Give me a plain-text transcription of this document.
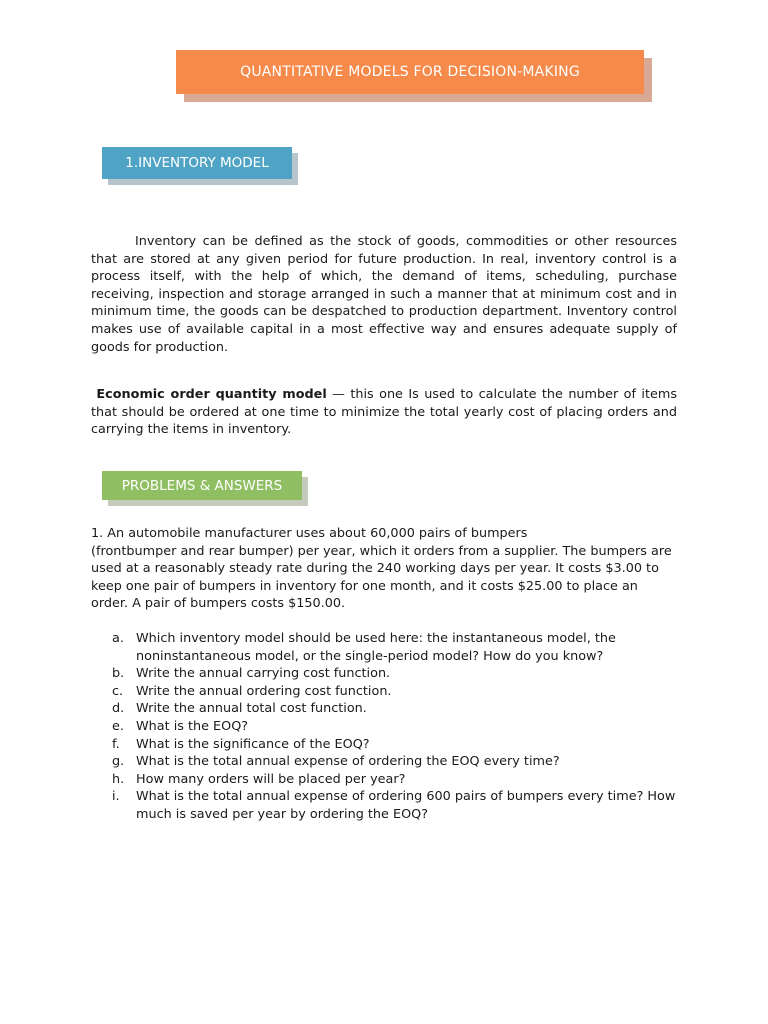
QUANTITATIVE MODELS FOR DECISION-MAKING
1.INVENTORY MODEL

Inventory can be defined as the stock of goods, commodities or other resources that are stored at any given period for future production. In real, inventory control is a process itself, with the help of which, the demand of items, scheduling, purchase receiving, inspection and storage arranged in such a manner that at minimum cost and in minimum time, the goods can be despatched to production department. Inventory control makes use of available capital in a most effective way and ensures adequate supply of goods for production.

Economic order quantity model — this one Is used to calculate the number of items that should be ordered at one time to minimize the total yearly cost of placing orders and carrying the items in inventory.

PROBLEMS & ANSWERS

1. An automobile manufacturer uses about 60,000 pairs of bumpers
(frontbumper and rear bumper) per year, which it orders from a supplier. The bumpers are used at a reasonably steady rate during the 240 working days per year. It costs $3.00 to keep one pair of bumpers in inventory for one month, and it costs $25.00 to place an order. A pair of bumpers costs $150.00.

a. Which inventory model should be used here: the instantaneous model, the noninstantaneous model, or the single-period model? How do you know?
b. Write the annual carrying cost function.
c.	Write the annual ordering cost function.
d. Write the annual total cost function.
e. What is the EOQ?
f.	What is the significance of the EOQ?
g. What is the total annual expense of ordering the EOQ every time?
h. How many orders will be placed per year?
i.	What is the total annual expense of ordering 600 pairs of bumpers every time? How much is saved per year by ordering the EOQ?
